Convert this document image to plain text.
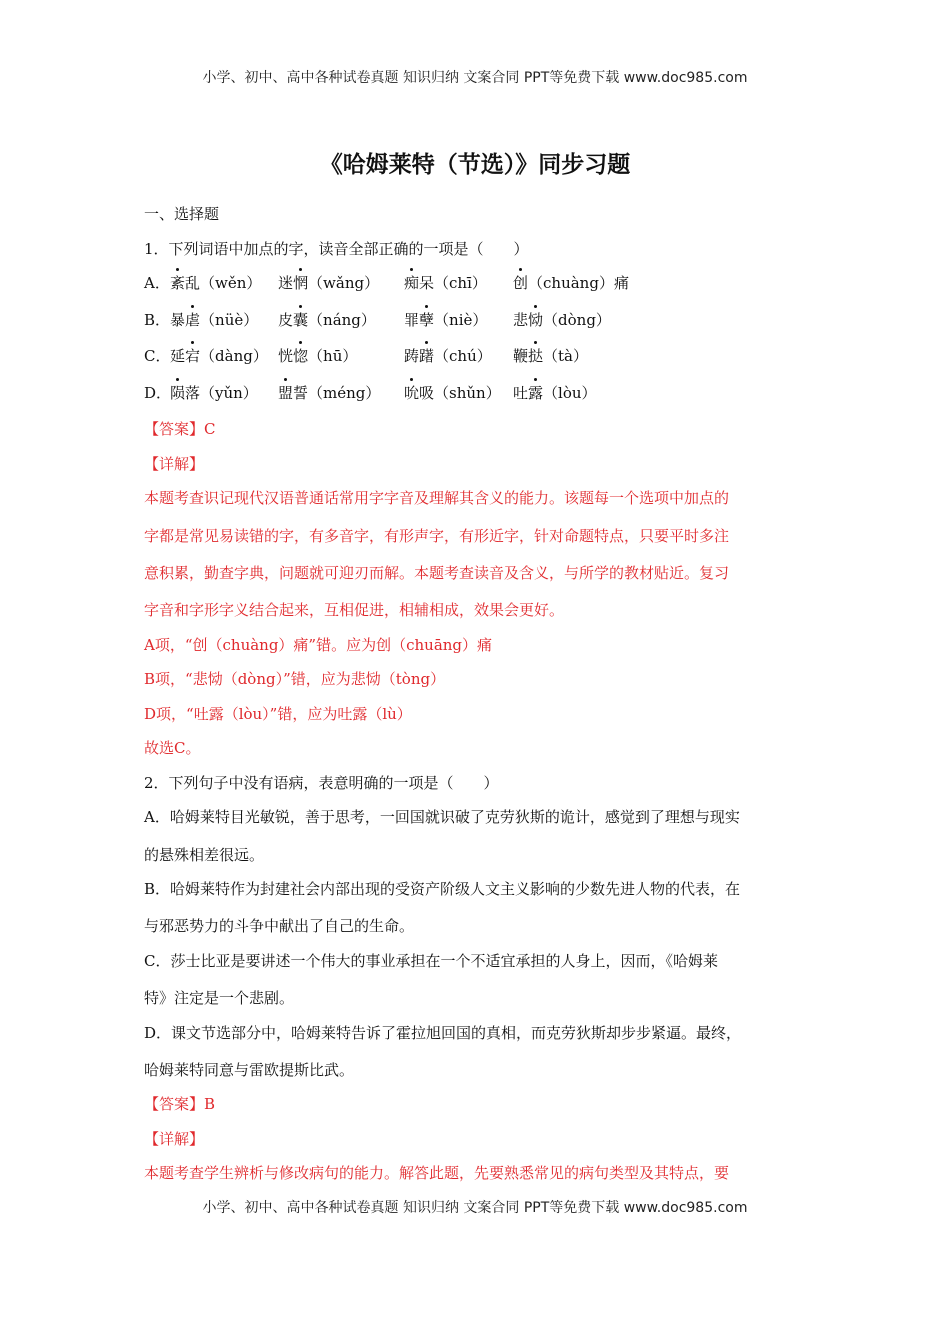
小学、初中、高中各种试卷真题 知识归纳 文案合同 PPT等免费下载 www.doc985.com
《哈姆莱特（节选）》同步习题
一、选择题
1．下列词语中加点的字，读音全部正确的一项是（　　）
A． 紊乱（wěn） 迷惘（wǎng） 痴呆（chī） 创（chuàng）痛
B． 暴虐（nüè） 皮囊（náng） 罪孽（niè） 悲恸（dòng）
C． 延宕（dàng） 恍惚（hū）	踌躇（chú） 鞭挞（tà）
D．
陨落（yǔn） 盟誓（méng） 吮吸（shǔn） 吐露（lòu）
【答案】C
【详解】
本题考查识记现代汉语普通话常用字字音及理解其含义的能力。该题每一个选项中加点的
字都是常见易读错的字，有多音字，有形声字，有形近字，针对命题特点，只要平时多注
意积累，勤查字典，问题就可迎刃而解。本题考查读音及含义，与所学的教材贴近。复习
字音和字形字义结合起来，互相促进，相辅相成，效果会更好。
A项，“创（chuàng）痛”错。应为创（chuāng）痛
B项，“悲恸（dòng）”错，应为悲恸（tòng）
D项，“吐露（lòu）”错，应为吐露（lù）
故选C。
2．下列句子中没有语病，表意明确的一项是（　　）
A．哈姆莱特目光敏锐，善于思考，一回国就识破了克劳狄斯的诡计，感觉到了理想与现实
的悬殊相差很远。
B．哈姆莱特作为封建社会内部出现的受资产阶级人文主义影响的少数先进人物的代表，在
与邪恶势力的斗争中献出了自己的生命。
C．莎士比亚是要讲述一个伟大的事业承担在一个不适宜承担的人身上，因而，《哈姆莱
特》注定是一个悲剧。
D．课文节选部分中，哈姆莱特告诉了霍拉旭回国的真相，而克劳狄斯却步步紧逼。最终，
哈姆莱特同意与雷欧提斯比武。
【答案】B
【详解】
本题考查学生辨析与修改病句的能力。解答此题，先要熟悉常见的病句类型及其特点，要
小学、初中、高中各种试卷真题 知识归纳 文案合同 PPT等免费下载 www.doc985.com
